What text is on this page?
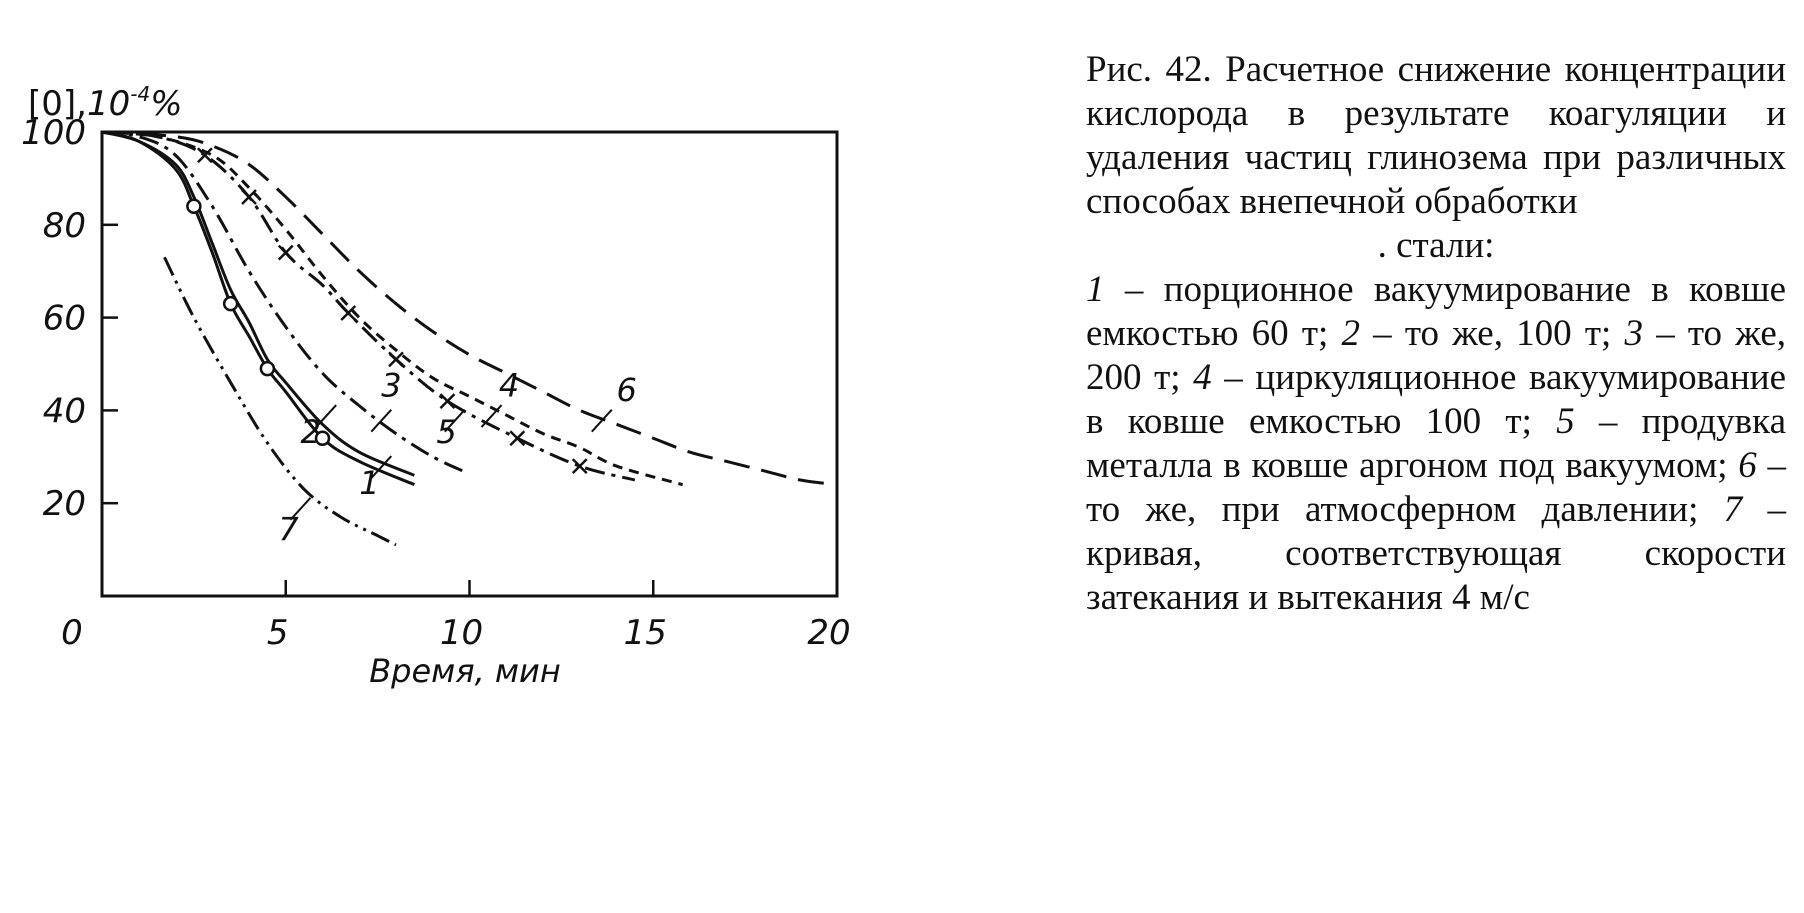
0	5	10	15	20
20
40
60
80
100
1
2
3	4
5
6
7
$[0],10^{-4}\%$
Время, мин
Рис. 42. Расчетное снижение концентрации кислорода в результате коагуляции и удаления частиц глинозема при различных способах внепечной обработки
. стали:
1 – порционное вакуумирование в ковше емкостью 60 т; 2 – то же, 100 т; 3 – то же, 200 т; 4 – циркуляционное вакуумирование в ковше емкостью 100 т; 5 – продувка металла в ковше аргоном под вакуумом; 6 – то же, при атмосферном давлении; 7 – кривая, соответствующая скорости затекания и вытекания 4 м/с
